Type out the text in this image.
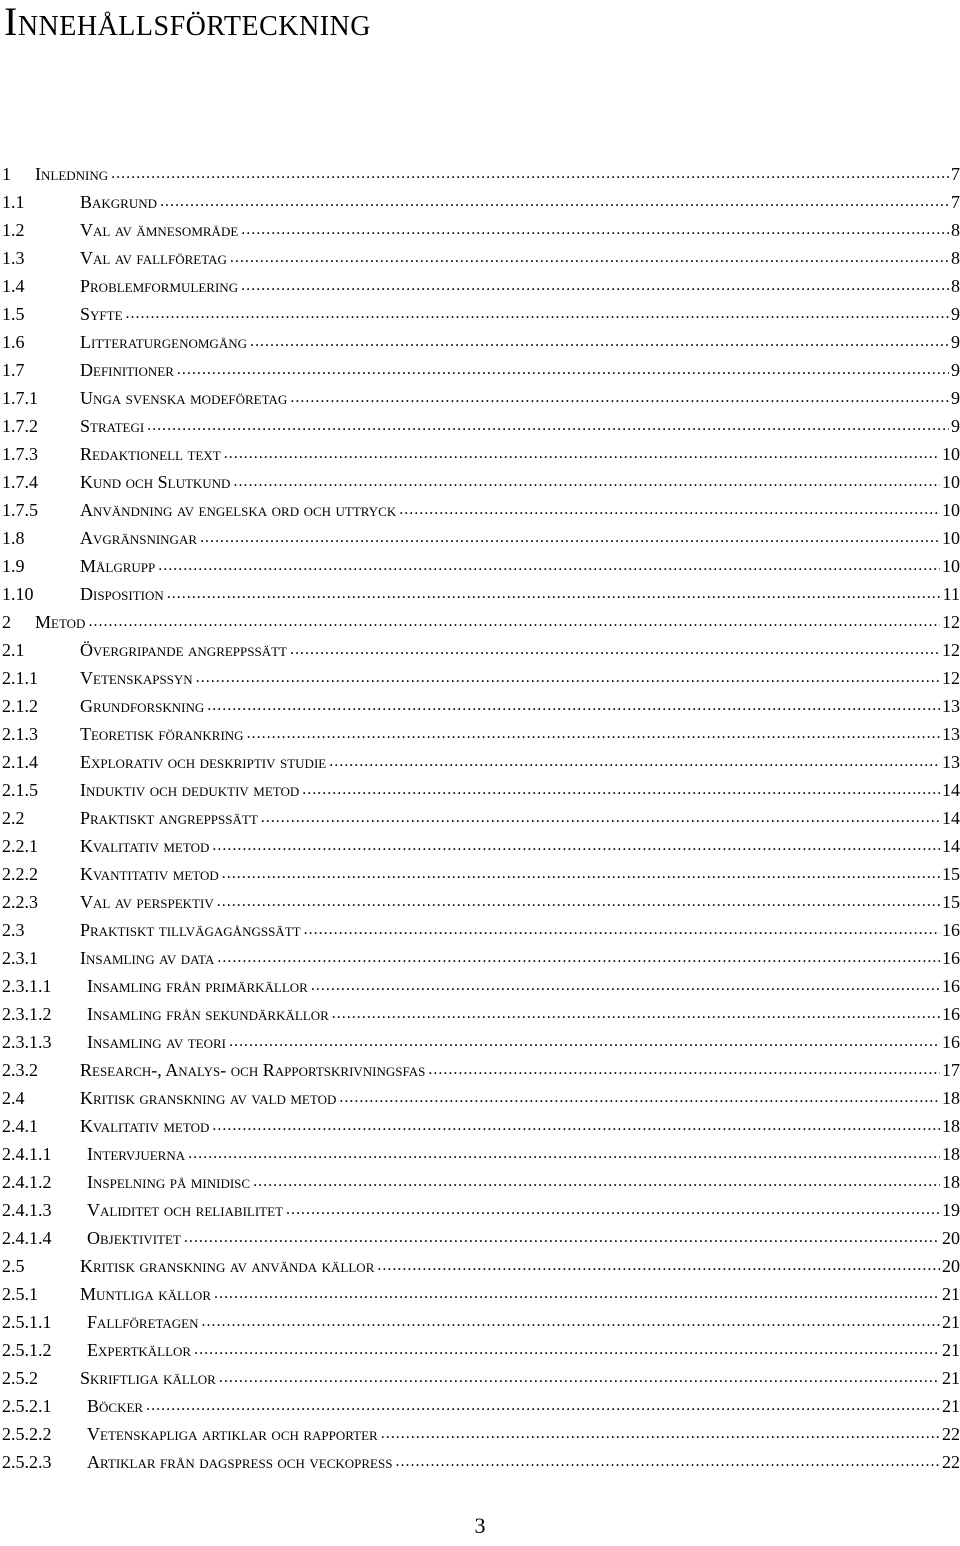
Innehållsförteckning
1	Inledning .....	7
1.1	Bakgrund .....	7
1.2	Val av ämnesområde .....	8
1.3	Val av fallföretag .....	8
1.4	Problemformulering .....	8
1.5	Syfte .....	9
1.6	Litteraturgenomgång .....	9
1.7	Definitioner .....	9
1.7.1	Unga svenska modeföretag .....	9
1.7.2	Strategi .....	9
1.7.3	Redaktionell text .....	10
1.7.4	Kund och Slutkund .....	10
1.7.5	Användning av engelska ord och uttryck .....	10
1.8	Avgränsningar .....	10
1.9	Målgrupp .....	10
1.10	Disposition .....	11
2	Metod .....	12
2.1	Övergripande angreppssätt .....	12
2.1.1	Vetenskapssyn .....	12
2.1.2	Grundforskning .....	13
2.1.3	Teoretisk förankring .....	13
2.1.4	Explorativ och deskriptiv studie .....	13
2.1.5	Induktiv och deduktiv metod .....	14
2.2	Praktiskt angreppssätt .....	14
2.2.1	Kvalitativ metod .....	14
2.2.2	Kvantitativ metod .....	15
2.2.3	Val av perspektiv .....	15
2.3	Praktiskt tillvägagångssätt .....	16
2.3.1	Insamling av data .....	16
2.3.1.1	Insamling från primärkällor .....	16
2.3.1.2	Insamling från sekundärkällor .....	16
2.3.1.3	Insamling av teori .....	16
2.3.2	Research-, Analys- och Rapportskrivningsfas .....	17
2.4	Kritisk granskning av vald metod .....	18
2.4.1	Kvalitativ metod .....	18
2.4.1.1	Intervjuerna .....	18
2.4.1.2	Inspelning på minidisc .....	18
2.4.1.3	Validitet och reliabilitet .....	19
2.4.1.4	Objektivitet .....	20
2.5	Kritisk granskning av använda källor .....	20
2.5.1	Muntliga källor .....	21
2.5.1.1	Fallföretagen .....	21
2.5.1.2	Expertkällor .....	21
2.5.2	Skriftliga källor .....	21
2.5.2.1	Böcker .....	21
2.5.2.2	Vetenskapliga artiklar och rapporter .....	22
2.5.2.3	Artiklar från dagspress och veckopress .....	22
3
